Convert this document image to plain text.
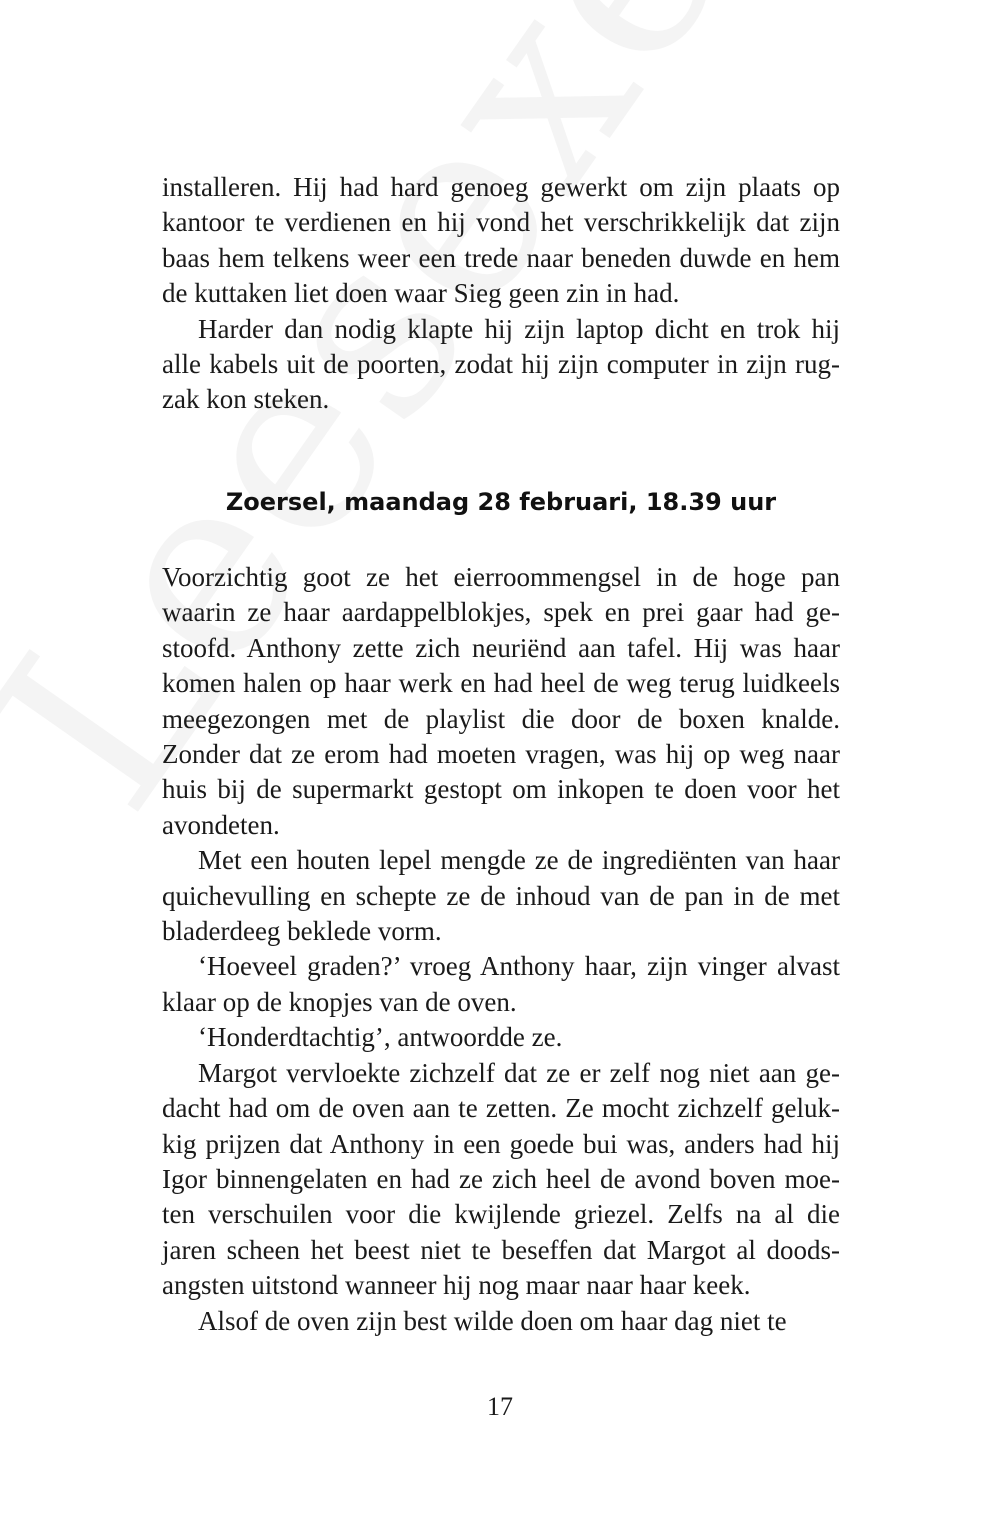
installeren. Hij had hard genoeg gewerkt om zijn plaats op kantoor te verdienen en hij vond het verschrikkelijk dat zijn baas hem telkens weer een trede naar beneden duwde en hem de kuttaken liet doen waar Sieg geen zin in had.

Harder dan nodig klapte hij zijn laptop dicht en trok hij alle kabels uit de poorten, zodat hij zijn computer in zijn rug-zak kon steken.

Zoersel, maandag 28 februari, 18.39 uur

Voorzichtig goot ze het eierroommengsel in de hoge pan waarin ze haar aardappelblokjes, spek en prei gaar had ge-stoofd. Anthony zette zich neuriënd aan tafel. Hij was haar komen halen op haar werk en had heel de weg terug luidkeels meegezongen met de playlist die door de boxen knalde. Zonder dat ze erom had moeten vragen, was hij op weg naar huis bij de supermarkt gestopt om inkopen te doen voor het avondeten.

Met een houten lepel mengde ze de ingrediënten van haar quichevulling en schepte ze de inhoud van de pan in de met bladerdeeg beklede vorm.

‘Hoeveel graden?’ vroeg Anthony haar, zijn vinger alvast klaar op de knopjes van de oven.

‘Honderdtachtig’, antwoordde ze.

Margot vervloekte zichzelf dat ze er zelf nog niet aan ge-dacht had om de oven aan te zetten. Ze mocht zichzelf geluk-kig prijzen dat Anthony in een goede bui was, anders had hij Igor binnengelaten en had ze zich heel de avond boven moe-ten verschuilen voor die kwijlende griezel. Zelfs na al die jaren scheen het beest niet te beseffen dat Margot al doods-angsten uitstond wanneer hij nog maar naar haar keek.

Alsof de oven zijn best wilde doen om haar dag niet te

17
